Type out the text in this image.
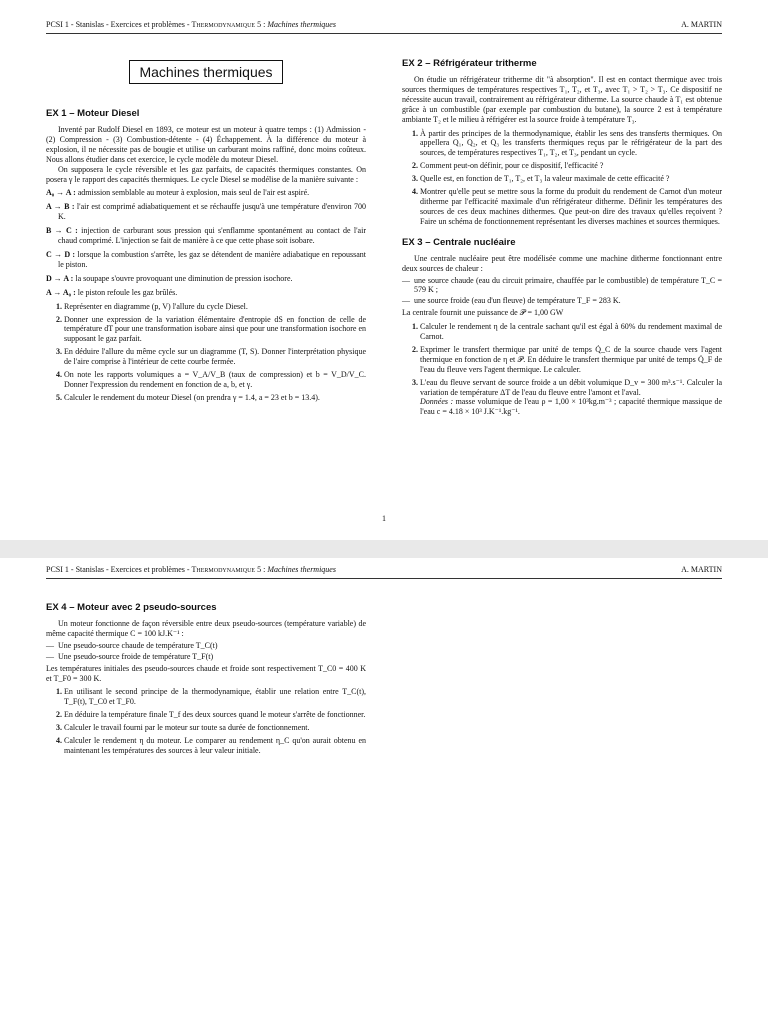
PCSI 1 - Stanislas - Exercices et problèmes - Thermodynamique 5 : Machines thermiques	A. MARTIN
Machines thermiques
EX 1 – Moteur Diesel

Inventé par Rudolf Diesel en 1893, ce moteur est un moteur à quatre temps : (1) Admission - (2) Compression - (3) Combustion-détente - (4) Échappement. À la différence du moteur à explosion, il ne nécessite pas de bougie et utilise un carburant moins raffiné, donc moins coûteux. Nous allons étudier dans cet exercice, le cycle modèle du moteur Diesel.

On supposera le cycle réversible et les gaz parfaits, de capacités thermiques constantes. On posera γ le rapport des capacités thermiques. Le cycle Diesel se modélise de la manière suivante :

A₀ → A : admission semblable au moteur à explosion, mais seul de l'air est aspiré.

A → B : l'air est comprimé adiabatiquement et se réchauffe jusqu'à une température d'environ 700 K.

B → C : injection de carburant sous pression qui s'enflamme spontanément au contact de l'air chaud comprimé. L'injection se fait de manière à ce que cette phase soit isobare.

C → D : lorsque la combustion s'arrête, les gaz se détendent de manière adiabatique en repoussant le piston.

D → A : la soupape s'ouvre provoquant une diminution de pression isochore.

A → A₀ : le piston refoule les gaz brûlés.

1. Représenter en diagramme (p, V) l'allure du cycle Diesel.
2. Donner une expression de la variation élémentaire d'entropie dS en fonction de celle de température dT pour une transformation isobare ainsi que pour une transformation isochore en supposant le gaz parfait.
3. En déduire l'allure du même cycle sur un diagramme (T, S). Donner l'interprétation physique de l'aire comprise à l'intérieur de cette courbe fermée.
4. On note les rapports volumiques a = V_A/V_B (taux de compression) et b = V_D/V_C. Donner l'expression du rendement en fonction de a, b, et γ.
5. Calculer le rendement du moteur Diesel (on prendra γ = 1.4, a = 23 et b = 13.4).
EX 2 – Réfrigérateur tritherme

On étudie un réfrigérateur tritherme dit "à absorption". Il est en contact thermique avec trois sources thermiques de températures respectives T₁, T₂, et T₃, avec T₁ > T₂ > T₃. Ce dispositif ne nécessite aucun travail, contrairement au réfrigérateur ditherme. La source chaude à T₁ est obtenue grâce à un combustible (par exemple par combustion du butane), la source 2 est à température ambiante T₂ et le milieu à réfrigérer est la source froide à température T₃.

1. À partir des principes de la thermodynamique, établir les sens des transferts thermiques. On appellera Q₁, Q₂, et Q₃ les transferts thermiques reçus par le réfrigérateur de la part des sources, de températures respectives T₁, T₂, et T₃, pendant un cycle.
2. Comment peut-on définir, pour ce dispositif, l'efficacité ?
3. Quelle est, en fonction de T₁, T₂, et T₃ la valeur maximale de cette efficacité ?
4. Montrer qu'elle peut se mettre sous la forme du produit du rendement de Carnot d'un moteur ditherme par l'efficacité maximale d'un réfrigérateur ditherme. Définir les températures des sources de ces deux machines dithermes. Que peut-on dire des travaux qu'elles reçoivent ? Faire un schéma de fonctionnement représentant les diverses machines et sources thermiques.
EX 3 – Centrale nucléaire

Une centrale nucléaire peut être modélisée comme une machine ditherme fonctionnant entre deux sources de chaleur :

— une source chaude (eau du circuit primaire, chauffée par le combustible) de température T_C = 579 K ;
— une source froide (eau d'un fleuve) de température T_F = 283 K.

La centrale fournit une puissance de 𝒫 = 1,00 GW

1. Calculer le rendement η de la centrale sachant qu'il est égal à 60% du rendement maximal de Carnot.
2. Exprimer le transfert thermique par unité de temps Q̇_C de la source chaude vers l'agent thermique en fonction de η et 𝒫. En déduire le transfert thermique par unité de temps Q̇_F de l'eau du fleuve vers l'agent thermique. Le calculer.
3. L'eau du fleuve servant de source froide a un débit volumique D_v = 300 m³.s⁻¹. Calculer la variation de température ΔT de l'eau du fleuve entre l'amont et l'aval.
Données : masse volumique de l'eau ρ = 1,00 × 10³kg.m⁻³ ; capacité thermique massique de l'eau c = 4.18 × 10³ J.K⁻¹.kg⁻¹.
1
PCSI 1 - Stanislas - Exercices et problèmes - Thermodynamique 5 : Machines thermiques	A. MARTIN
EX 4 – Moteur avec 2 pseudo-sources

Un moteur fonctionne de façon réversible entre deux pseudo-sources (température variable) de même capacité thermique C = 100 kJ.K⁻¹ :

— Une pseudo-source chaude de température T_C(t)
— Une pseudo-source froide de température T_F(t)

Les températures initiales des pseudo-sources chaude et froide sont respectivement T_C0 = 400 K et T_F0 = 300 K.

1. En utilisant le second principe de la thermodynamique, établir une relation entre T_C(t), T_F(t), T_C0 et T_F0.
2. En déduire la température finale T_f des deux sources quand le moteur s'arrête de fonctionner.
3. Calculer le travail fourni par le moteur sur toute sa durée de fonctionnement.
4. Calculer le rendement η du moteur. Le comparer au rendement η_C qu'on aurait obtenu en maintenant les températures des sources à leur valeur initiale.
